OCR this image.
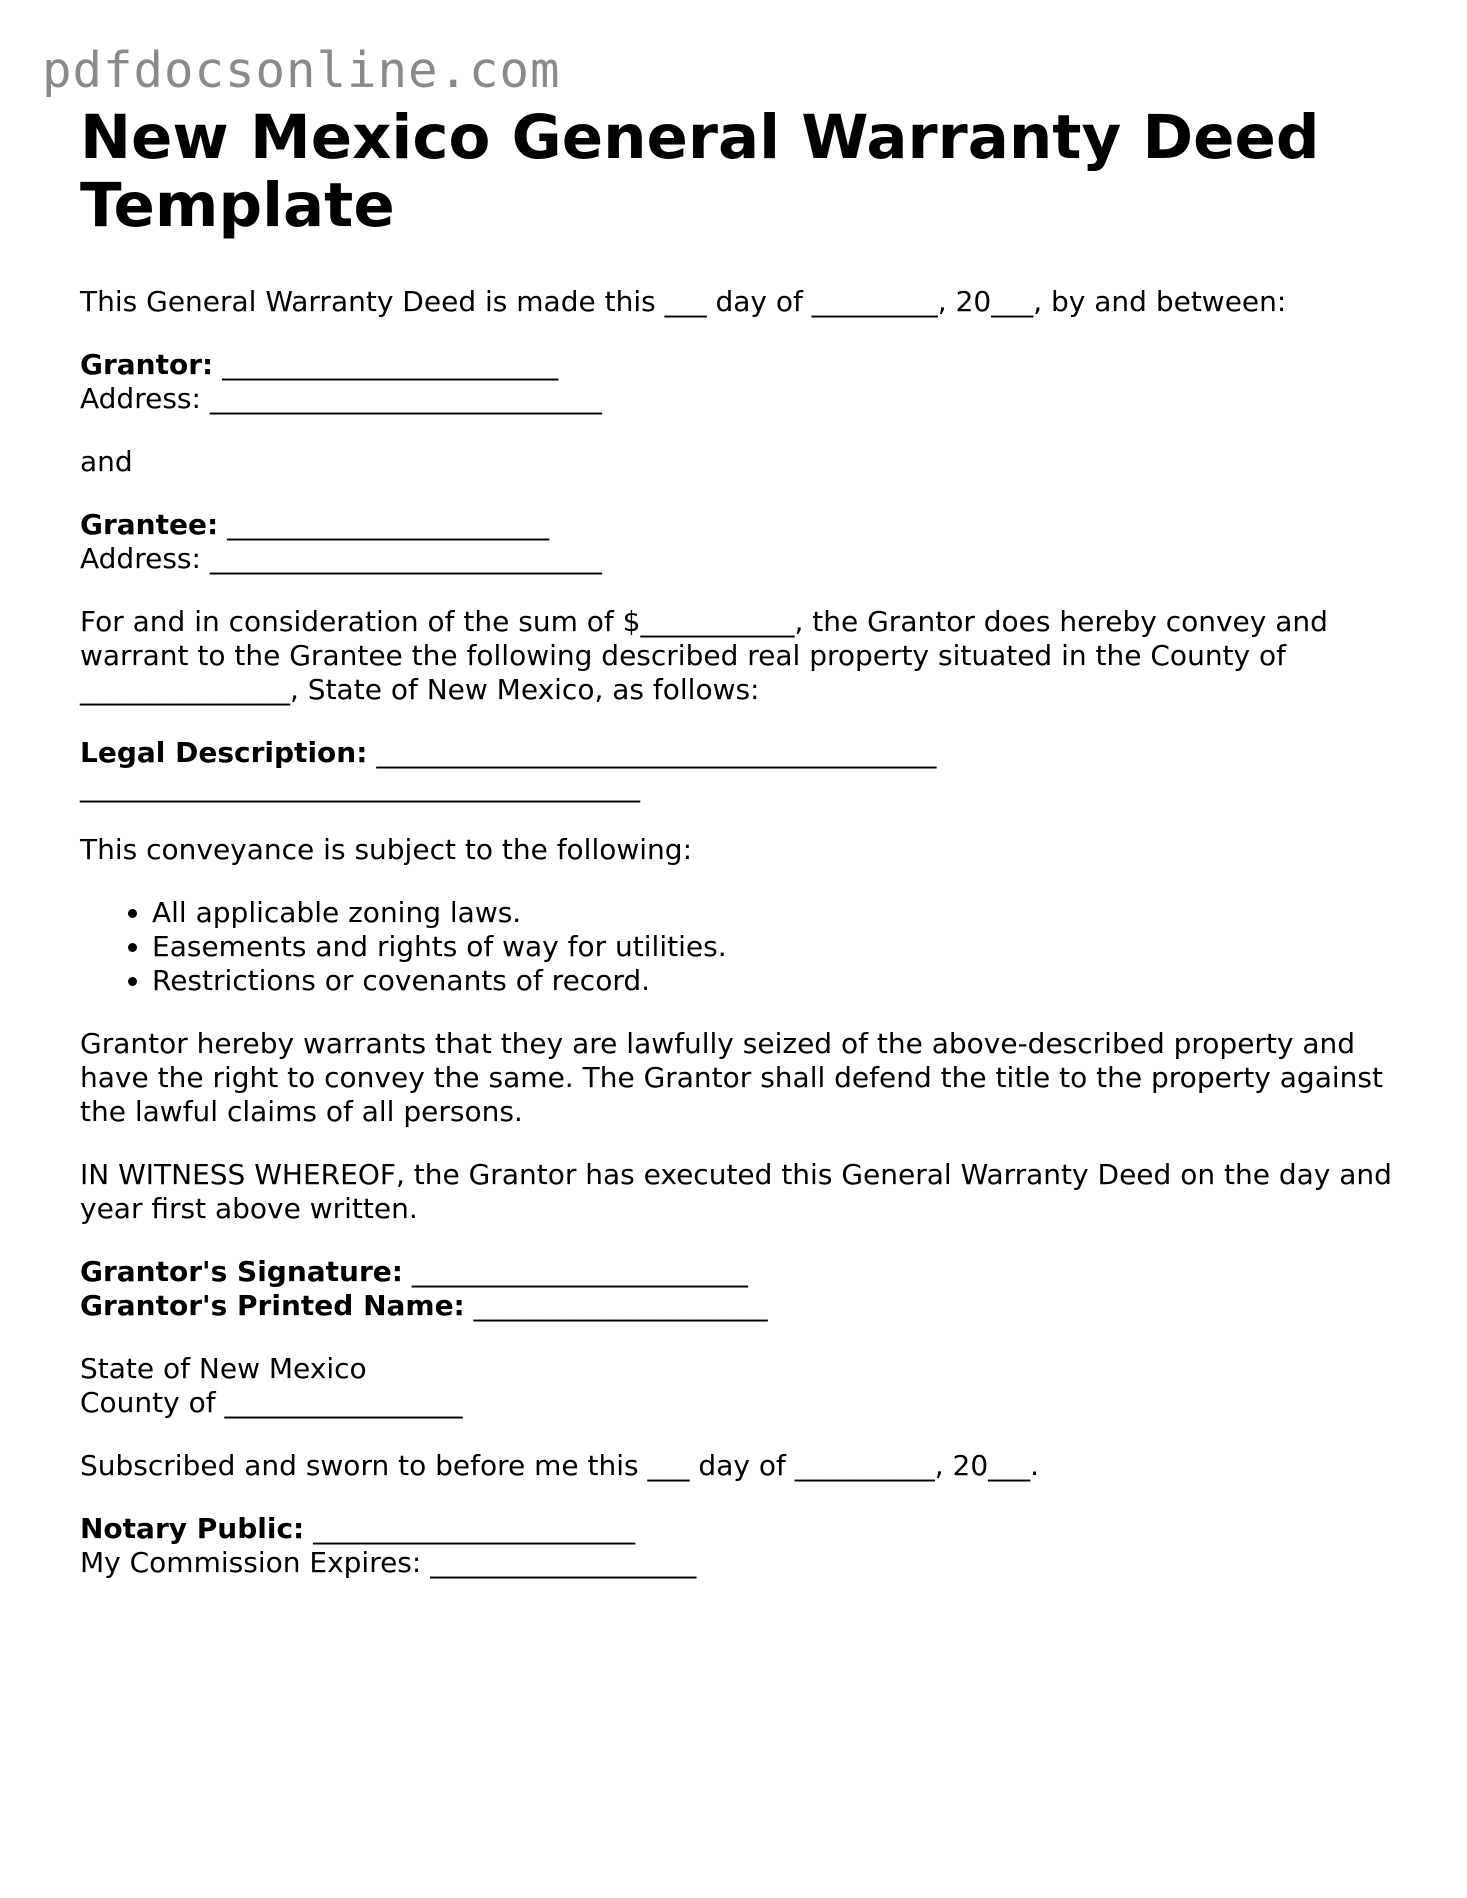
pdfdocsonline.com
New Mexico General Warranty Deed Template

This General Warranty Deed is made this ___ day of _________, 20___, by and between:

Grantor: ________________________
Address: ____________________________

and

Grantee: _______________________
Address: ____________________________

For and in consideration of the sum of $___________, the Grantor does hereby convey and warrant to the Grantee the following described real property situated in the County of _______________, State of New Mexico, as follows:

Legal Description: ________________________________________
________________________________________

This conveyance is subject to the following:

• All applicable zoning laws.
• Easements and rights of way for utilities.
• Restrictions or covenants of record.

Grantor hereby warrants that they are lawfully seized of the above-described property and have the right to convey the same. The Grantor shall defend the title to the property against the lawful claims of all persons.

IN WITNESS WHEREOF, the Grantor has executed this General Warranty Deed on the day and year first above written.

Grantor's Signature: ________________________
Grantor's Printed Name: _____________________

State of New Mexico
County of _________________

Subscribed and sworn to before me this ___ day of __________, 20___.

Notary Public: _______________________
My Commission Expires: ___________________
